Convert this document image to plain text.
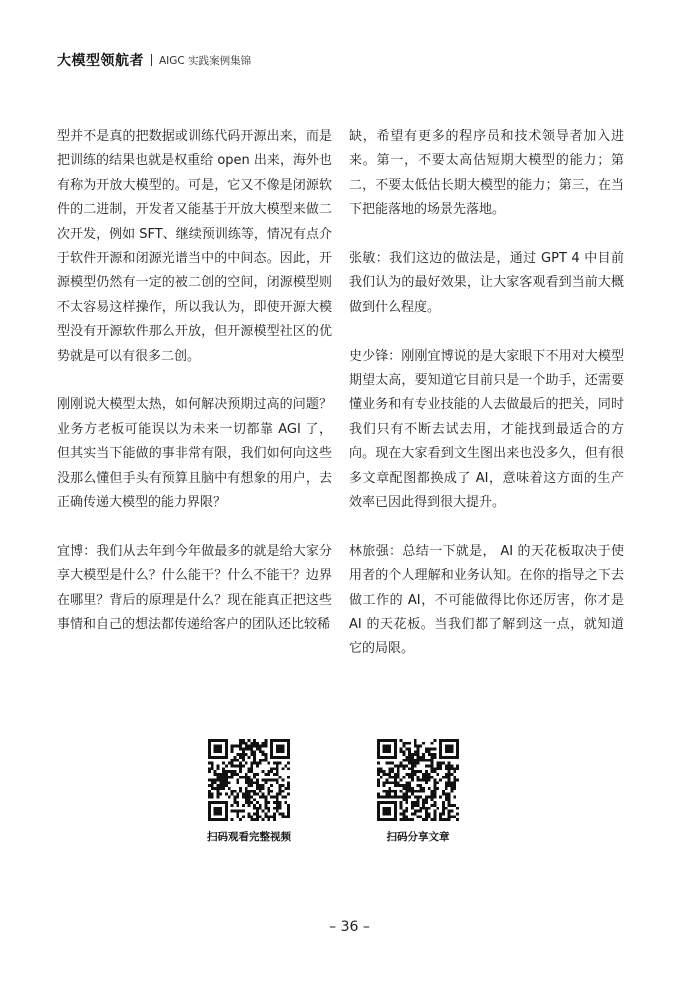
大模型领航者 AIGC 实践案例集锦

型并不是真的把数据或训练代码开源出来，而是把训练的结果也就是权重给 open 出来，海外也有称为开放大模型的。可是，它又不像是闭源软件的二进制，开发者又能基于开放大模型来做二次开发，例如 SFT、继续预训练等，情况有点介于软件开源和闭源光谱当中的中间态。因此，开源模型仍然有一定的被二创的空间，闭源模型则不太容易这样操作，所以我认为，即使开源大模型没有开源软件那么开放，但开源模型社区的优势就是可以有很多二创。

刚刚说大模型太热，如何解决预期过高的问题？业务方老板可能误以为未来一切都靠 AGI 了，但其实当下能做的事非常有限，我们如何向这些没那么懂但手头有预算且脑中有想象的用户，去正确传递大模型的能力界限？

宜博：我们从去年到今年做最多的就是给大家分享大模型是什么？什么能干？什么不能干？边界在哪里？背后的原理是什么？现在能真正把这些事情和自己的想法都传递给客户的团队还比较稀

缺，希望有更多的程序员和技术领导者加入进来。第一，不要太高估短期大模型的能力；第二，不要太低估长期大模型的能力；第三，在当下把能落地的场景先落地。

张敏：我们这边的做法是，通过 GPT 4 中目前我们认为的最好效果，让大家客观看到当前大概做到什么程度。

史少锋：刚刚宜博说的是大家眼下不用对大模型期望太高，要知道它目前只是一个助手，还需要懂业务和有专业技能的人去做最后的把关，同时我们只有不断去试去用，才能找到最适合的方向。现在大家看到文生图出来也没多久，但有很多文章配图都换成了 AI，意味着这方面的生产效率已因此得到很大提升。

林旅强：总结一下就是， AI 的天花板取决于使用者的个人理解和业务认知。在你的指导之下去做工作的 AI，不可能做得比你还厉害，你才是 AI 的天花板。当我们都了解到这一点，就知道它的局限。

扫码观看完整视频	扫码分享文章
– 36 –
